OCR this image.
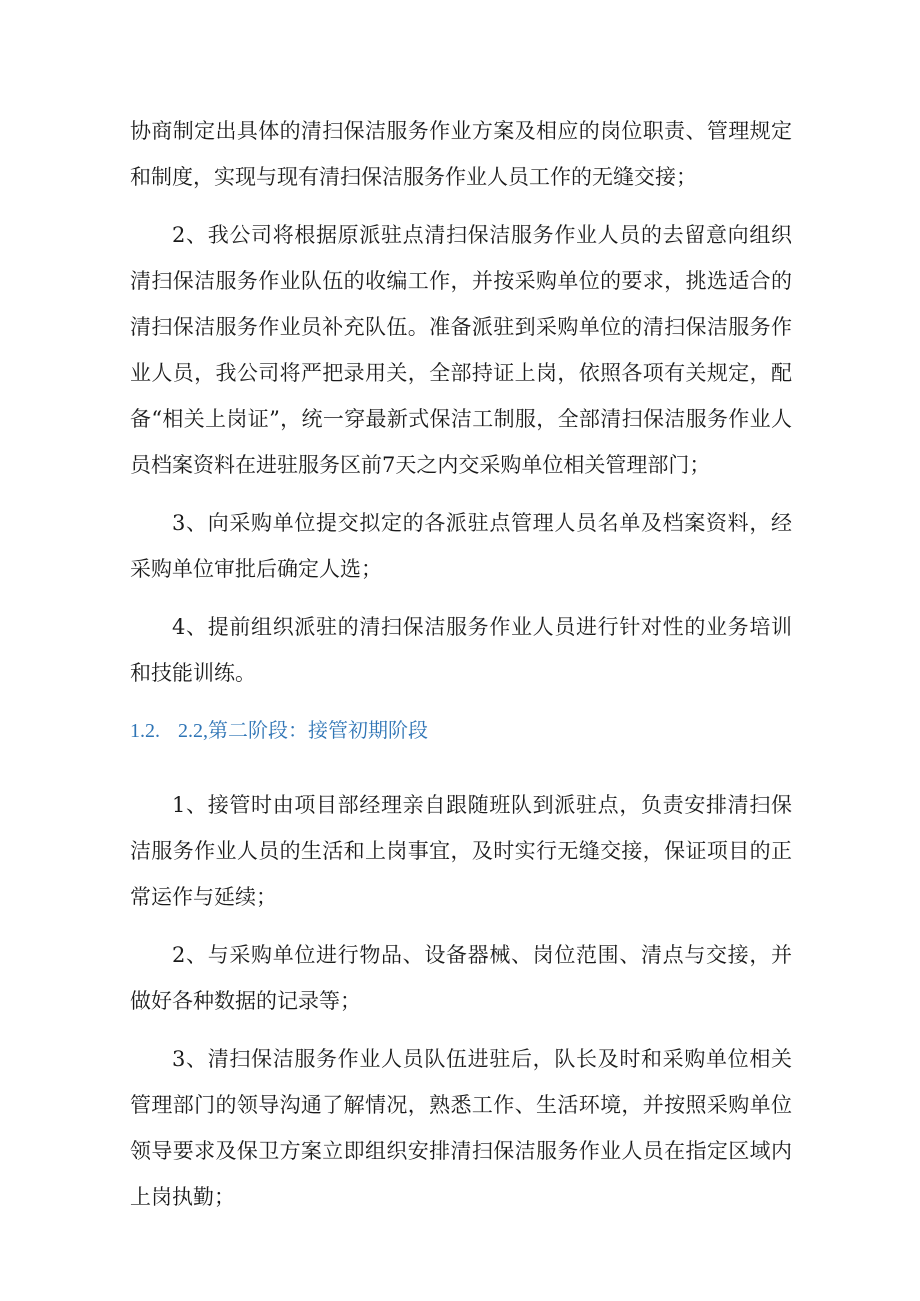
协商制定出具体的清扫保洁服务作业方案及相应的岗位职责、管理规定和制度，实现与现有清扫保洁服务作业人员工作的无缝交接；

2、我公司将根据原派驻点清扫保洁服务作业人员的去留意向组织清扫保洁服务作业队伍的收编工作，并按采购单位的要求，挑选适合的清扫保洁服务作业员补充队伍。准备派驻到采购单位的清扫保洁服务作业人员，我公司将严把录用关，全部持证上岗，依照各项有关规定，配备“相关上岗证”，统一穿最新式保洁工制服，全部清扫保洁服务作业人员档案资料在进驻服务区前7天之内交采购单位相关管理部门；

3、向采购单位提交拟定的各派驻点管理人员名单及档案资料，经采购单位审批后确定人选；

4、提前组织派驻的清扫保洁服务作业人员进行针对性的业务培训和技能训练。

1.2. 2.2,第二阶段：接管初期阶段

1、接管时由项目部经理亲自跟随班队到派驻点，负责安排清扫保洁服务作业人员的生活和上岗事宜，及时实行无缝交接，保证项目的正常运作与延续；

2、与采购单位进行物品、设备器械、岗位范围、清点与交接，并做好各种数据的记录等；

3、清扫保洁服务作业人员队伍进驻后，队长及时和采购单位相关管理部门的领导沟通了解情况，熟悉工作、生活环境，并按照采购单位领导要求及保卫方案立即组织安排清扫保洁服务作业人员在指定区域内上岗执勤；
